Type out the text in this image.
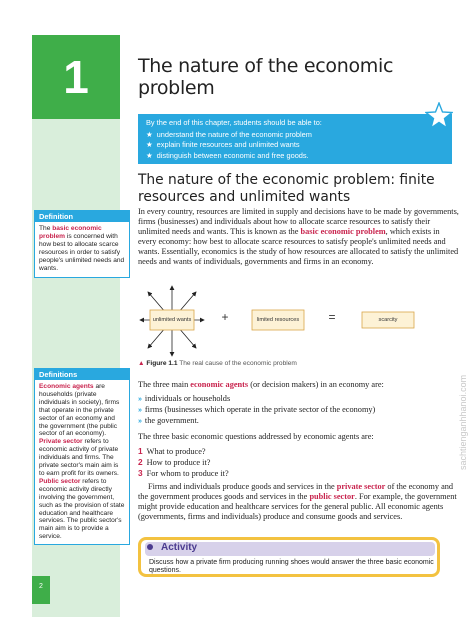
1
2
The nature of the economic problem
By the end of this chapter, students should be able to:
★ understand the nature of the economic problem
★ explain finite resources and unlimited wants
★ distinguish between economic and free goods.
The nature of the economic problem: finite resources and unlimited wants

In every country, resources are limited in supply and decisions have to be made by governments, firms (businesses) and individuals about how to allocate scarce resources to satisfy their unlimited needs and wants. This is known as the basic economic problem, which exists in every economy: how best to allocate scarce resources to satisfy people's unlimited needs and wants. Essentially, economics is the study of how resources are allocated to satisfy the unlimited needs and wants of individuals, governments and firms in an economy.

Definition
The basic economic problem is concerned with how best to allocate scarce resources in order to satisfy people's unlimited needs and wants.
unlimited wants	+	limited resources	=	scarcity
▲ Figure 1.1 The real cause of the economic problem

The three main economic agents (or decision makers) in an economy are:

» individuals or households
» firms (businesses which operate in the private sector of the economy)
» the government.

The three basic economic questions addressed by economic agents are:

1 What to produce?
2 How to produce it?
3 For whom to produce it?

Firms and individuals produce goods and services in the private sector of the economy and the government produces goods and services in the public sector. For example, the government might provide education and healthcare services for the general public. All economic agents (governments, firms and individuals) produce and consume goods and services.

Definitions
Economic agents are households (private individuals in society), firms that operate in the private sector of an economy and the government (the public sector of an economy).
Private sector refers to economic activity of private individuals and firms. The private sector's main aim is to earn profit for its owners.
Public sector refers to economic activity directly involving the government, such as the provision of state education and healthcare services. The public sector's main aim is to provide a service.
Activity
Discuss how a private firm producing running shoes would answer the three basic economic questions.
sachtienganhhanoi.com
